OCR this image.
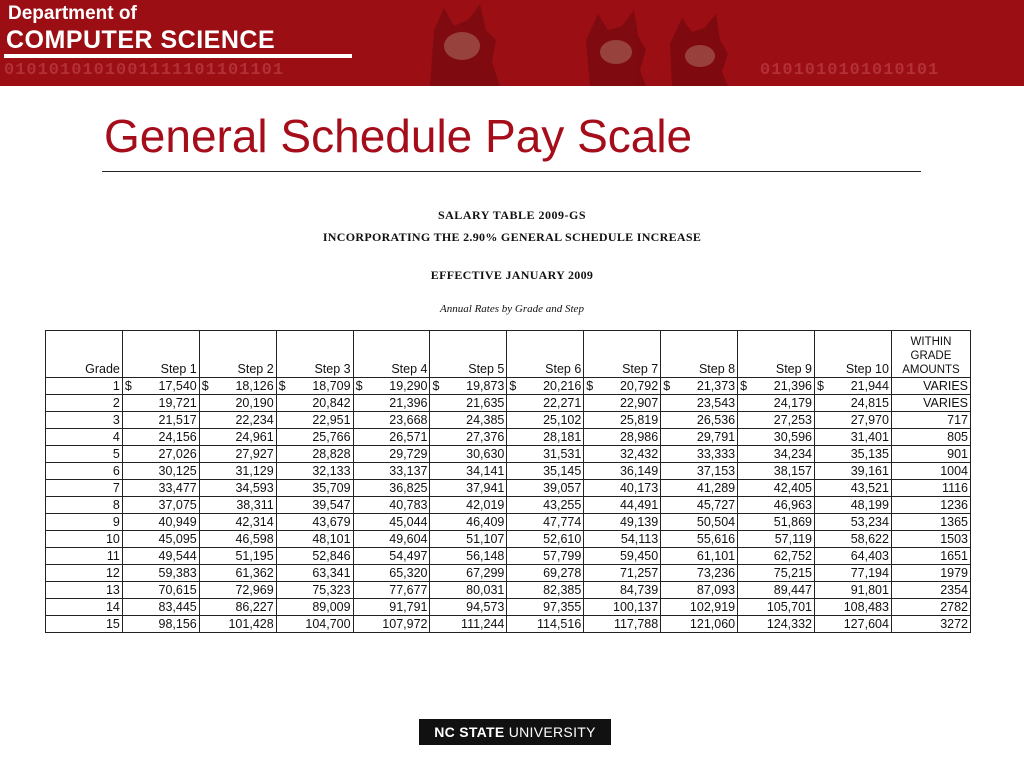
Department of
COMPUTER SCIENCE
0101010101001111101101101	0101010101010101
General Schedule Pay Scale
SALARY TABLE 2009-GS
INCORPORATING THE 2.90% GENERAL SCHEDULE INCREASE
EFFECTIVE JANUARY 2009
Annual Rates by Grade and Step
Grade	Step 1	Step 2	Step 3	Step 4	Step 5	Step 6	Step 7	Step 8	Step 9	Step 10	WITHIN
GRADE
AMOUNTS

1	$ 17,540	$ 18,126	$ 18,709	$ 19,290	$ 19,873	$ 20,216	$ 20,792	$ 21,373	$ 21,396	$ 21,944	VARIES
2	19,721	20,190	20,842	21,396	21,635	22,271	22,907	23,543	24,179	24,815	VARIES
3	21,517	22,234	22,951	23,668	24,385	25,102	25,819	26,536	27,253	27,970	717
4	24,156	24,961	25,766	26,571	27,376	28,181	28,986	29,791	30,596	31,401	805
5	27,026	27,927	28,828	29,729	30,630	31,531	32,432	33,333	34,234	35,135	901
6	30,125	31,129	32,133	33,137	34,141	35,145	36,149	37,153	38,157	39,161	1004
7	33,477	34,593	35,709	36,825	37,941	39,057	40,173	41,289	42,405	43,521	1116
8	37,075	38,311	39,547	40,783	42,019	43,255	44,491	45,727	46,963	48,199	1236
9	40,949	42,314	43,679	45,044	46,409	47,774	49,139	50,504	51,869	53,234	1365
10	45,095	46,598	48,101	49,604	51,107	52,610	54,113	55,616	57,119	58,622	1503
11	49,544	51,195	52,846	54,497	56,148	57,799	59,450	61,101	62,752	64,403	1651
12	59,383	61,362	63,341	65,320	67,299	69,278	71,257	73,236	75,215	77,194	1979
13	70,615	72,969	75,323	77,677	80,031	82,385	84,739	87,093	89,447	91,801	2354
14	83,445	86,227	89,009	91,791	94,573	97,355	100,137	102,919	105,701	108,483	2782
15	98,156	101,428	104,700	107,972	111,244	114,516	117,788	121,060	124,332	127,604	3272
NC STATE UNIVERSITY
